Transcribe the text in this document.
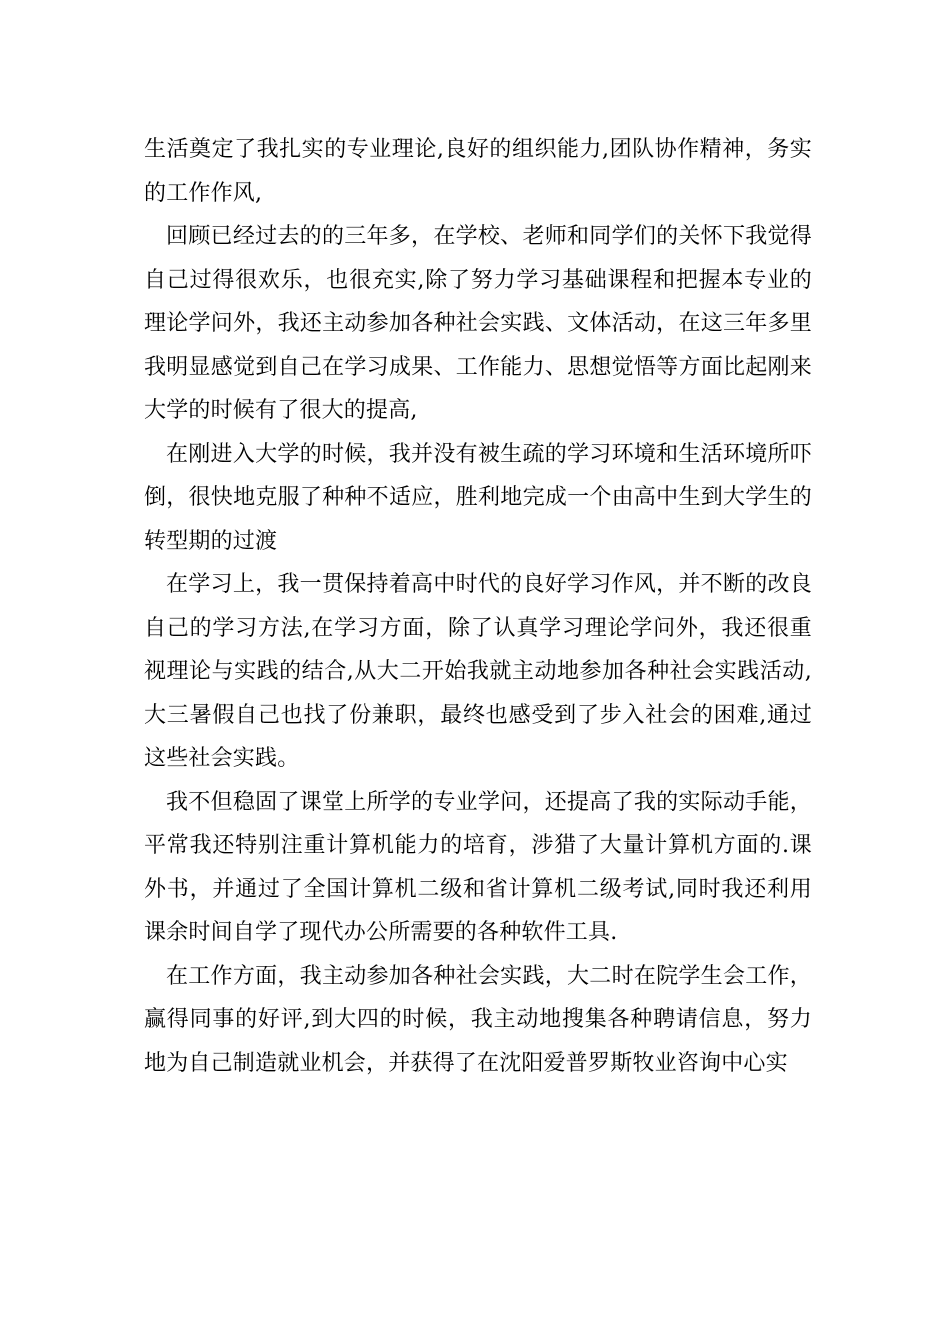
生活奠定了我扎实的专业理论,良好的组织能力,团队协作精神，务实的工作作风,

回顾已经过去的的三年多，在学校、老师和同学们的关怀下我觉得自己过得很欢乐，也很充实,除了努力学习基础课程和把握本专业的理论学问外，我还主动参加各种社会实践、文体活动，在这三年多里我明显感觉到自己在学习成果、工作能力、思想觉悟等方面比起刚来大学的时候有了很大的提高,

在刚进入大学的时候，我并没有被生疏的学习环境和生活环境所吓倒，很快地克服了种种不适应，胜利地完成一个由高中生到大学生的转型期的过渡

在学习上，我一贯保持着高中时代的良好学习作风，并不断的改良自己的学习方法,在学习方面，除了认真学习理论学问外，我还很重视理论与实践的结合,从大二开始我就主动地参加各种社会实践活动,大三暑假自己也找了份兼职，最终也感受到了步入社会的困难,通过这些社会实践。

我不但稳固了课堂上所学的专业学问，还提高了我的实际动手能，平常我还特别注重计算机能力的培育，涉猎了大量计算机方面的.课外书，并通过了全国计算机二级和省计算机二级考试,同时我还利用课余时间自学了现代办公所需要的各种软件工具.

在工作方面，我主动参加各种社会实践，大二时在院学生会工作，赢得同事的好评,到大四的时候，我主动地搜集各种聘请信息，努力地为自己制造就业机会，并获得了在沈阳爱普罗斯牧业咨询中心实
